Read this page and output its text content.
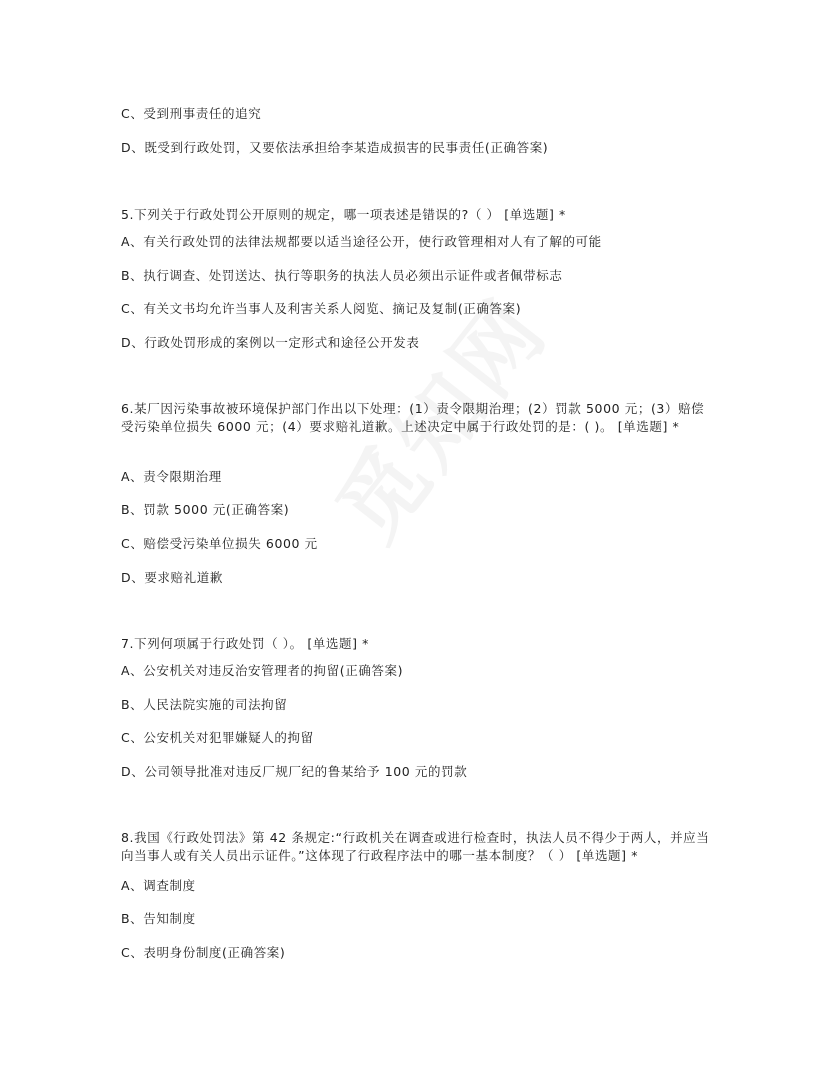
C、受到刑事责任的追究
D、既受到行政处罚，又要依法承担给李某造成损害的民事责任(正确答案)
5.下列关于行政处罚公开原则的规定，哪一项表述是错误的?（ ） [单选题] *
A、有关行政处罚的法律法规都要以适当途径公开，使行政管理相对人有了解的可能
B、执行调查、处罚送达、执行等职务的执法人员必须出示证件或者佩带标志
C、有关文书均允许当事人及利害关系人阅览、摘记及复制(正确答案)
D、行政处罚形成的案例以一定形式和途径公开发表
6.某厂因污染事故被环境保护部门作出以下处理：(1）责令限期治理；(2）罚款 5000 元；(3）赔偿受污染单位损失 6000 元；(4）要求赔礼道歉。上述决定中属于行政处罚的是：( )。 [单选题] *
A、责令限期治理
B、罚款 5000 元(正确答案)
C、赔偿受污染单位损失 6000 元
D、要求赔礼道歉
7.下列何项属于行政处罚（ ）。 [单选题] *
A、公安机关对违反治安管理者的拘留(正确答案)
B、人民法院实施的司法拘留
C、公安机关对犯罪嫌疑人的拘留
D、公司领导批准对违反厂规厂纪的鲁某给予 100 元的罚款
8.我国《行政处罚法》第 42 条规定:“行政机关在调查或进行检查时，执法人员不得少于两人，并应当向当事人或有关人员出示证件。”这体现了行政程序法中的哪一基本制度？（ ） [单选题] *
A、调查制度
B、告知制度
C、表明身份制度(正确答案)
